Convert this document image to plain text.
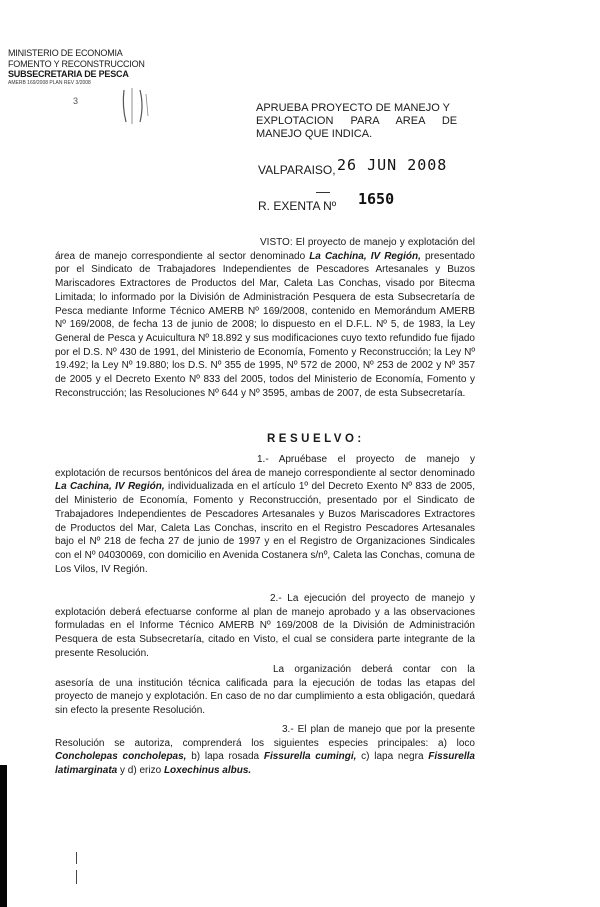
MINISTERIO DE ECONOMIA
FOMENTO Y RECONSTRUCCION
SUBSECRETARIA DE PESCA
AMERB 169/2008 PLAN REV 3/2008
3
APRUEBA PROYECTO DE MANEJO Y
EXPLOTACION PARA AREA DE
MANEJO QUE INDICA.
VALPARAISO, 26 JUN 2008
R. EXENTA Nº 1650

VISTO: El proyecto de manejo y explotación del área de manejo correspondiente al sector denominado La Cachina, IV Región, presentado por el Sindicato de Trabajadores Independientes de Pescadores Artesanales y Buzos Mariscadores Extractores de Productos del Mar, Caleta Las Conchas, visado por Bitecma Limitada; lo informado por la División de Administración Pesquera de esta Subsecretaría de Pesca mediante Informe Técnico AMERB Nº 169/2008, contenido en Memorándum AMERB Nº 169/2008, de fecha 13 de junio de 2008; lo dispuesto en el D.F.L. Nº 5, de 1983, la Ley General de Pesca y Acuicultura Nº 18.892 y sus modificaciones cuyo texto refundido fue fijado por el D.S. Nº 430 de 1991, del Ministerio de Economía, Fomento y Reconstrucción; la Ley Nº 19.492; la Ley Nº 19.880; los D.S. Nº 355 de 1995, Nº 572 de 2000, Nº 253 de 2002 y Nº 357 de 2005 y el Decreto Exento Nº 833 del 2005, todos del Ministerio de Economía, Fomento y Reconstrucción; las Resoluciones Nº 644 y Nº 3595, ambas de 2007, de esta Subsecretaría.

RESUELVO:

1.- Apruébase el proyecto de manejo y explotación de recursos bentónicos del área de manejo correspondiente al sector denominado La Cachina, IV Región, individualizada en el artículo 1º del Decreto Exento Nº 833 de 2005, del Ministerio de Economía, Fomento y Reconstrucción, presentado por el Sindicato de Trabajadores Independientes de Pescadores Artesanales y Buzos Mariscadores Extractores de Productos del Mar, Caleta Las Conchas, inscrito en el Registro Pescadores Artesanales bajo el Nº 218 de fecha 27 de junio de 1997 y en el Registro de Organizaciones Sindicales con el Nº 04030069, con domicilio en Avenida Costanera s/nº, Caleta las Conchas, comuna de Los Vilos, IV Región.

2.- La ejecución del proyecto de manejo y explotación deberá efectuarse conforme al plan de manejo aprobado y a las observaciones formuladas en el Informe Técnico AMERB Nº 169/2008 de la División de Administración Pesquera de esta Subsecretaría, citado en Visto, el cual se considera parte integrante de la presente Resolución.

La organización deberá contar con la asesoría de una institución técnica calificada para la ejecución de todas las etapas del proyecto de manejo y explotación. En caso de no dar cumplimiento a esta obligación, quedará sin efecto la presente Resolución.

3.- El plan de manejo que por la presente Resolución se autoriza, comprenderá los siguientes especies principales: a) loco Concholepas concholepas, b) lapa rosada Fissurella cumingi, c) lapa negra Fissurella latimarginata y d) erizo Loxechinus albus.
